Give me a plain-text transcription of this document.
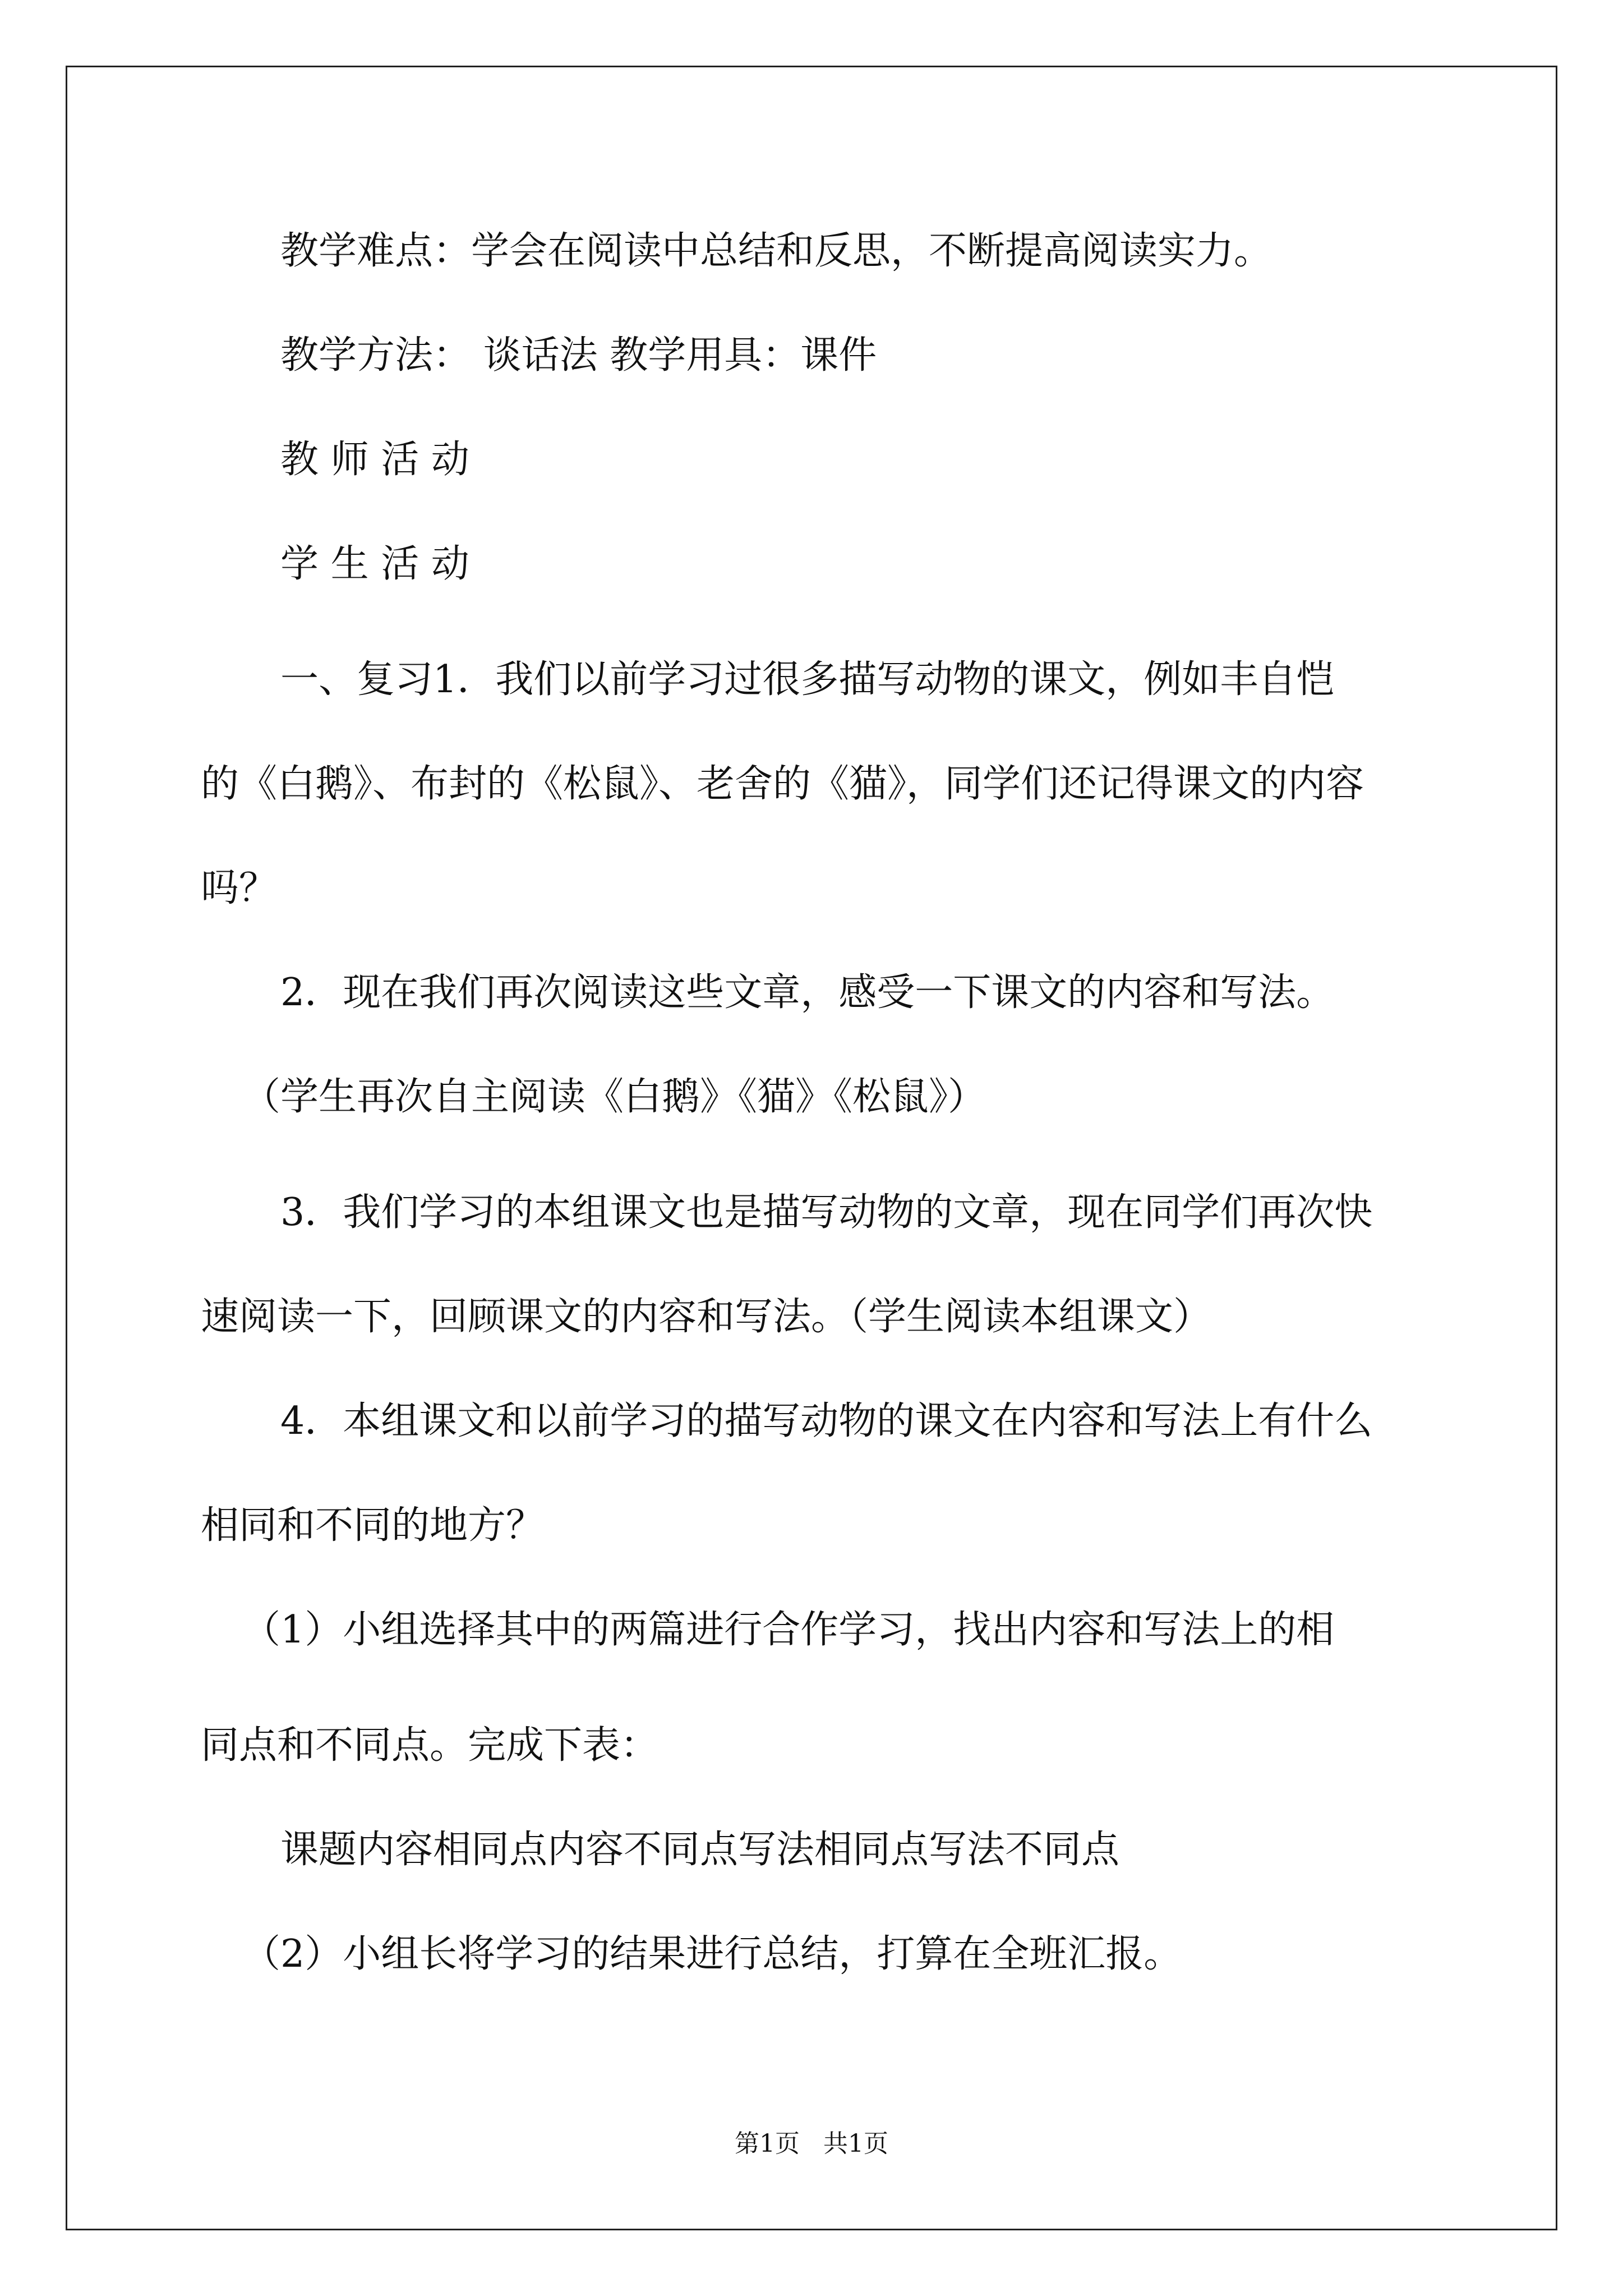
教学难点：学会在阅读中总结和反思，不断提高阅读实力。

教学方法： 谈话法 教学用具：课件

教 师 活 动

学 生 活 动

一、复习1．我们以前学习过很多描写动物的课文，例如丰自恺

的《白鹅》、布封的《松鼠》、老舍的《猫》，同学们还记得课文的内容

吗？

2．现在我们再次阅读这些文章，感受一下课文的内容和写法。

（学生再次自主阅读《白鹅》《猫》《松鼠》）

3．我们学习的本组课文也是描写动物的文章，现在同学们再次快

速阅读一下，回顾课文的内容和写法。（学生阅读本组课文）

4．本组课文和以前学习的描写动物的课文在内容和写法上有什么

相同和不同的地方？

（1）小组选择其中的两篇进行合作学习，找出内容和写法上的相

同点和不同点。完成下表：

课题内容相同点内容不同点写法相同点写法不同点

（2）小组长将学习的结果进行总结，打算在全班汇报。

第1页   共1页
